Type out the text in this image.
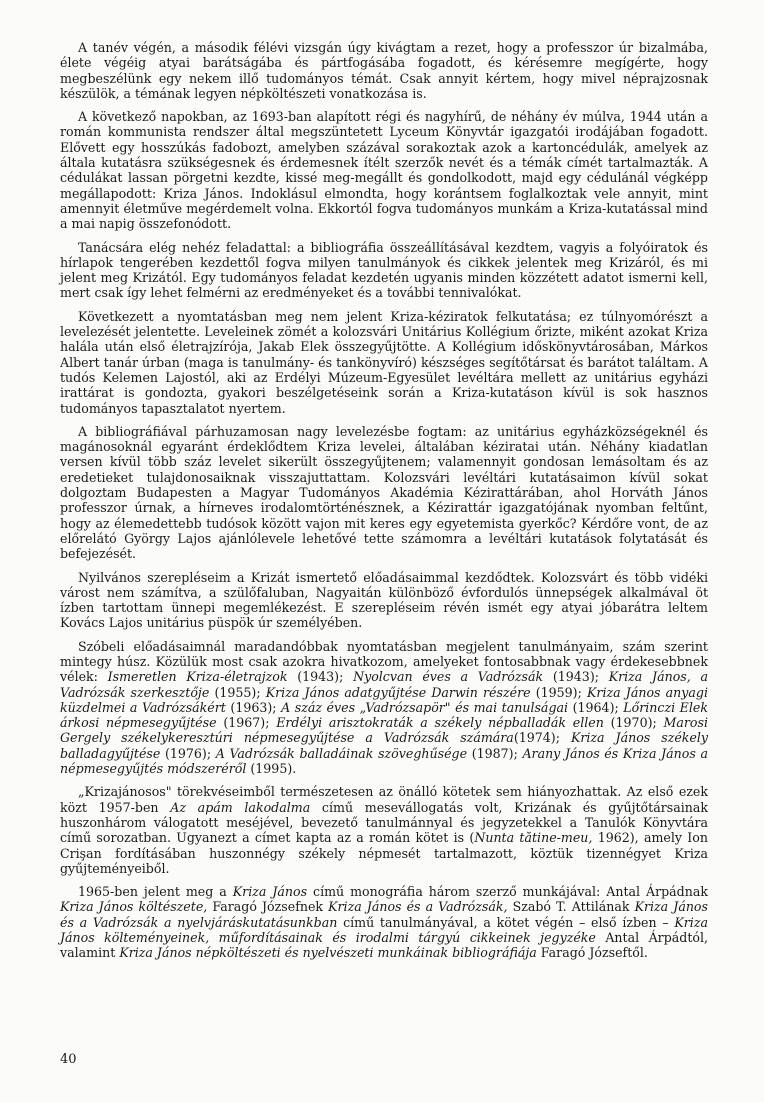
A tanév végén, a második félévi vizsgán úgy kivágtam a rezet, hogy a professzor úr bizalmába, élete végéig atyai barátságába és pártfogásába fogadott, és kérésemre megígérte, hogy megbeszélünk egy nekem illő tudományos témát. Csak annyit kértem, hogy mivel néprajzosnak készülök, a témának legyen népköltészeti vonatkozása is.

A következő napokban, az 1693-ban alapított régi és nagyhírű, de néhány év múlva, 1944 után a román kommunista rendszer által megszüntetett Lyceum Könyvtár igazgatói irodájában fogadott. Elővett egy hosszúkás fadobozt, amelyben százával sorakoztak azok a kartoncédulák, amelyek az általa kutatásra szükségesnek és érdemesnek ítélt szerzők nevét és a témák címét tartalmazták. A cédulákat lassan pörgetni kezdte, kissé meg-megállt és gondolkodott, majd egy cédulánál végképp megállapodott: Kriza János. Indoklásul elmondta, hogy korántsem foglalkoztak vele annyit, mint amennyit életműve megérdemelt volna. Ekkortól fogva tudományos munkám a Kriza-kutatással mind a mai napig összefonódott.

Tanácsára elég nehéz feladattal: a bibliográfia összeállításával kezdtem, vagyis a folyóiratok és hírlapok tengerében kezdettől fogva milyen tanulmányok és cikkek jelentek meg Krizáról, és mi jelent meg Krizától. Egy tudományos feladat kezdetén ugyanis minden közzétett adatot ismerni kell, mert csak így lehet felmérni az eredményeket és a további tennivalókat.

Következett a nyomtatásban meg nem jelent Kriza-kéziratok felkutatása; ez túlnyomórészt a levelezését jelentette. Leveleinek zömét a kolozsvári Unitárius Kollégium őrizte, miként azokat Kriza halála után első életrajzírója, Jakab Elek összegyűjtötte. A Kollégium időskönyvtárosában, Márkos Albert tanár úrban (maga is tanulmány- és tankönyvíró) készséges segítőtársat és barátot találtam. A tudós Kelemen Lajostól, aki az Erdélyi Múzeum-Egyesület levéltára mellett az unitárius egyházi irattárat is gondozta, gyakori beszélgetéseink során a Kriza-kutatáson kívül is sok hasznos tudományos tapasztalatot nyertem.

A bibliográfiával párhuzamosan nagy levelezésbe fogtam: az unitárius egyházközségeknél és magánosoknál egyaránt érdeklődtem Kriza levelei, általában kéziratai után. Néhány kiadatlan versen kívül több száz levelet sikerült összegyűjtenem; valamennyit gondosan lemásoltam és az eredetieket tulajdonosaiknak visszajuttattam. Kolozsvári levéltári kutatásaimon kívül sokat dolgoztam Budapesten a Magyar Tudományos Akadémia Kézirattárában, ahol Horváth János professzor úrnak, a hírneves irodalomtörténésznek, a Kézirattár igazgatójának nyomban feltűnt, hogy az élemedettebb tudósok között vajon mit keres egy egyetemista gyerkőc? Kérdőre vont, de az előrelátó György Lajos ajánlólevele lehetővé tette számomra a levéltári kutatások folytatását és befejezését.

Nyilvános szerepléseim a Krizát ismertető előadásaimmal kezdődtek. Kolozsvárt és több vidéki várost nem számítva, a szülőfaluban, Nagyaitán különböző évfordulós ünnepségek alkalmával öt ízben tartottam ünnepi megemlékezést. E szerepléseim révén ismét egy atyai jóbarátra leltem Kovács Lajos unitárius püspök úr személyében.

Szóbeli előadásaimnál maradandóbbak nyomtatásban megjelent tanulmányaim, szám szerint mintegy húsz. Közülük most csak azokra hivatkozom, amelyeket fontosabbnak vagy érdekesebbnek vélek: Ismeretlen Kriza-életrajzok (1943); Nyolcvan éves a Vadrózsák (1943); Kriza János, a Vadrózsák szerkesztője (1955); Kriza János adatgyűjtése Darwin részére (1959); Kriza János anyagi küzdelmei a Vadrózsákért (1963); A száz éves „Vadrózsapör" és mai tanulságai (1964); Lőrinczi Elek árkosi népmesegyűjtése (1967); Erdélyi arisztokraták a székely népballadák ellen (1970); Marosi Gergely székelykeresztúri népmesegyűjtése a Vadrózsák számára(1974); Kriza János székely balladagyűjtése (1976); A Vadrózsák balladáinak szöveghűsége (1987); Arany János és Kriza János a népmesegyűjtés módszeréről (1995).

„Krizajánosos" törekvéseimből természetesen az önálló kötetek sem hiányozhattak. Az első ezek közt 1957-ben Az apám lakodalma című mesevállogatás volt, Krizának és gyűjtőtársainak huszonhárom válogatott meséjével, bevezető tanulmánnyal és jegyzetekkel a Tanulók Könyvtára című sorozatban. Ugyanezt a címet kapta az a román kötet is (Nunta tătine-meu, 1962), amely Ion Crişan fordításában huszonnégy székely népmesét tartalmazott, köztük tizennégyet Kriza gyűjteményeiből.

1965-ben jelent meg a Kriza János című monográfia három szerző munkájával: Antal Árpádnak Kriza János költészete, Faragó Józsefnek Kriza János és a Vadrózsák, Szabó T. Attilának Kriza János és a Vadrózsák a nyelvjáráskutatásunkban című tanulmányával, a kötet végén – első ízben – Kriza János költeményeinek, műfordításainak és irodalmi tárgyú cikkeinek jegyzéke Antal Árpádtól, valamint Kriza János népköltészeti és nyelvészeti munkáinak bibliográfiája Faragó Józseftől.

40
